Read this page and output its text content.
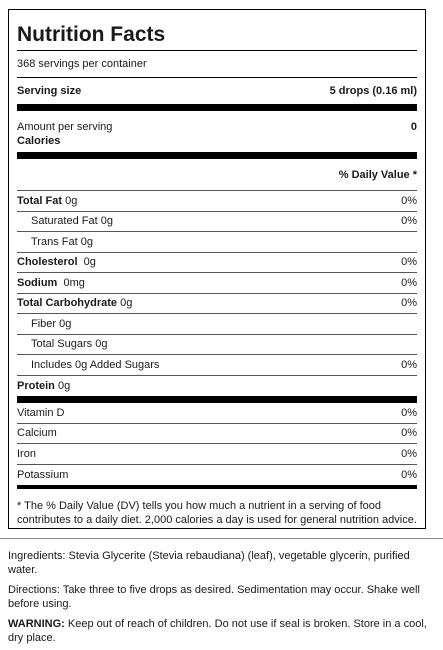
Nutrition Facts
368 servings per container
Serving size	5 drops (0.16 ml)
Amount per serving
Calories
0
% Daily Value *
Total Fat 0g	0%
Saturated Fat 0g	0%
Trans Fat 0g
Cholesterol 0g	0%
Sodium 0mg	0%
Total Carbohydrate 0g	0%
Fiber 0g
Total Sugars 0g
Includes 0g Added Sugars	0%
Protein 0g
Vitamin D	0%
Calcium	0%
Iron	0%
Potassium	0%
* The % Daily Value (DV) tells you how much a nutrient in a serving of food contributes to a daily diet. 2,000 calories a day is used for general nutrition advice.
Ingredients: Stevia Glycerite (Stevia rebaudiana) (leaf), vegetable glycerin, purified water.
Directions: Take three to five drops as desired. Sedimentation may occur. Shake well before using.
WARNING: Keep out of reach of children. Do not use if seal is broken. Store in a cool, dry place.
